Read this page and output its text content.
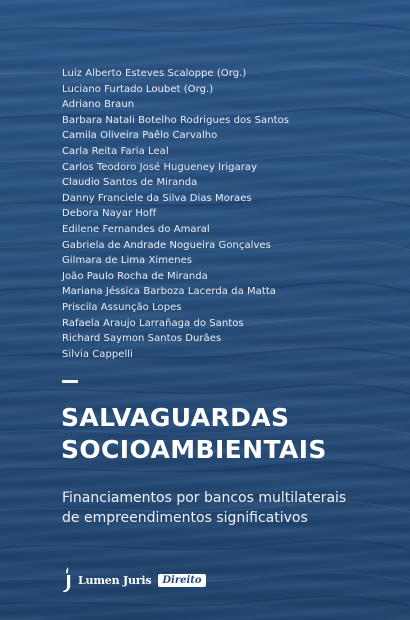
Luiz Alberto Esteves Scaloppe (Org.)
Luciano Furtado Loubet (Org.)
Adriano Braun
Barbara Natali Botelho Rodrigues dos Santos
Camila Oliveira Paêlo Carvalho
Carla Reita Faria Leal
Carlos Teodoro José Hugueney Irigaray
Claudio Santos de Miranda
Danny Franciele da Silva Dias Moraes
Debora Nayar Hoff
Edilene Fernandes do Amaral
Gabriela de Andrade Nogueira Gonçalves
Gilmara de Lima Ximenes
João Paulo Rocha de Miranda
Mariana Jéssica Barboza Lacerda da Matta
Priscila Assunção Lopes
Rafaela Araujo Larrañaga do Santos
Richard Saymon Santos Durães
Silvia Cappelli
SALVAGUARDAS
SOCIOAMBIENTAIS

Financiamentos por bancos multilaterais
de empreendimentos significativos

Lumen Juris	Direito
